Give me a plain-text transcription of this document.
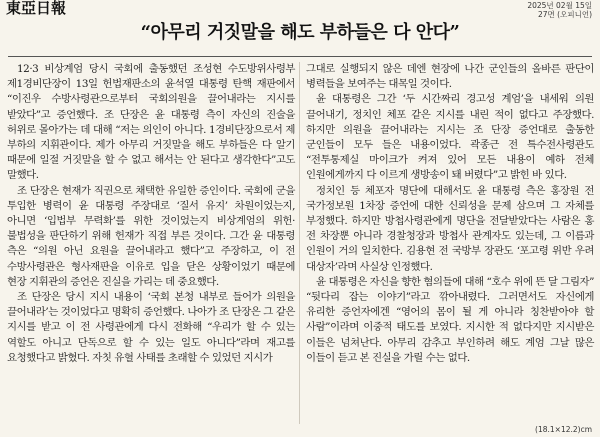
東亞日報	2025년 02월 15일
27면 (오피니언)
“아무리 거짓말을 해도 부하들은 다 안다”

12·3 비상계엄 당시 국회에 출동했던 조성현 수도방위사령부 제1경비단장이 13일 헌법재판소의 윤석열 대통령 탄핵 재판에서 “이진우 수방사령관으로부터 국회의원을 끌어내라는 지시를 받았다”고 증언했다. 조 단장은 윤 대통령 측이 자신의 진술을 허위로 몰아가는 데 대해 “저는 의인이 아니다. 1경비단장으로서 제 부하의 지휘관이다. 제가 아무리 거짓말을 해도 부하들은 다 알기 때문에 일절 거짓말을 할 수 없고 해서는 안 된다고 생각한다”고도 말했다.

조 단장은 현재가 직권으로 채택한 유일한 증인이다. 국회에 군을 투입한 병력이 윤 대통령 주장대로 ‘질서 유지’ 차원이었는지, 아니면 ‘입법부 무력화’를 위한 것이었는지 비상계엄의 위헌·불법성을 판단하기 위해 헌재가 직접 부른 것이다. 그간 윤 대통령 측은 “의원 아닌 요원을 끌어내라고 했다”고 주장하고, 이 전 수방사령관은 형사재판을 이유로 입을 닫은 상황이었기 때문에 현장 지휘관의 증언은 진실을 가리는 데 중요했다.

조 단장은 당시 지시 내용이 ‘국회 본청 내부로 들어가 의원을 끌어내라’는 것이었다고 명확히 증언했다. 나아가 조 단장은 그 같은 지시를 받고 이 전 사령관에게 다시 전화해 “우리가 할 수 있는 역할도 아니고 단독으로 할 수 있는 일도 아니다”라며 재고를 요청했다고 밝혔다. 자칫 유혈 사태를 초래할 수 있었던 지시가

그대로 실행되지 않은 데엔 현장에 나간 군인들의 올바른 판단이 병력들을 보여주는 대목일 것이다.

윤 대통령은 그간 ‘두 시간짜리 경고성 계엄’을 내세워 의원 끌어내기, 정치인 체포 같은 지시를 내린 적이 없다고 주장했다. 하지만 의원을 끌어내라는 지시는 조 단장 증언대로 출동한 군인들이 모두 들은 내용이었다. 곽종근 전 특수전사령관도 “전투통제실 마이크가 켜져 있어 모든 내용이 예하 전체 인원에게까지 다 이르게 생방송이 돼 버렸다”고 밝힌 바 있다.

정치인 등 체포자 명단에 대해서도 윤 대통령 측은 홍장원 전 국가정보원 1차장 증언에 대한 신뢰성을 문제 삼으며 그 자체를 부정했다. 하지만 방첩사령관에게 명단을 전달받았다는 사람은 홍 전 차장뿐 아니라 경찰청장과 방첩사 관계자도 있는데, 그 이름과 인원이 거의 일치한다. 김용현 전 국방부 장관도 ‘포고령 위반 우려 대상자’라며 사실상 인정했다.

윤 대통령은 자신을 향한 혐의들에 대해 “호수 위에 뜬 달 그림자” “뒷다리 잡는 이야기”라고 깎아내렸다. 그러면서도 자신에게 유리한 증언자에겐 “영어의 몸이 될 게 아니라 칭찬받아야 할 사람”이라며 이중적 태도를 보였다. 지시한 적 없다지만 지시받은 이들은 넘쳐난다. 아무리 감추고 부인하려 해도 계엄 그날 많은 이들이 듣고 본 진실을 가릴 수는 없다.

(18.1×12.2)cm
